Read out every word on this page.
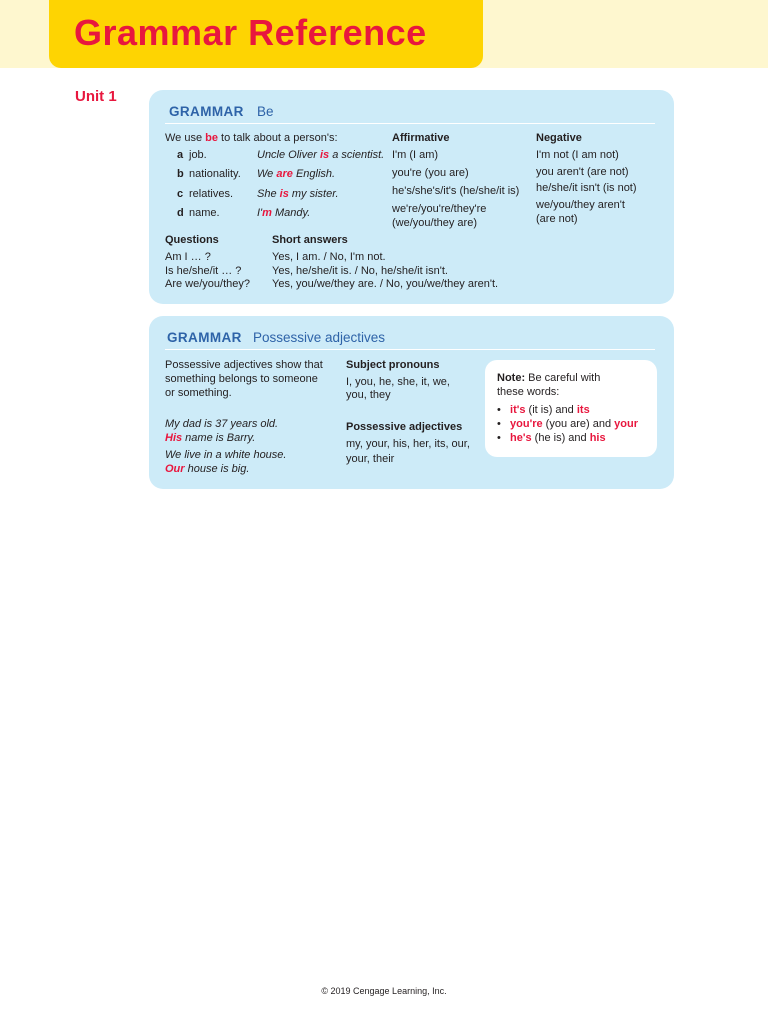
Grammar Reference
Unit 1
GRAMMAR Be
We use be to talk about a person's:
a job.	Uncle Oliver is a scientist.
b nationality. We are English.
c relatives. She is my sister.
d name.	I'm Mandy.
Affirmative
I'm (I am)
you're (you are)
he's/she's/it's (he/she/it is)
we're/you're/they're
(we/you/they are)
Negative
I'm not (I am not)
you aren't (are not)
he/she/it isn't (is not)
we/you/they aren't
(are not)
Questions
Am I … ?
Is he/she/it … ?
Are we/you/they?
Short answers
Yes, I am. / No, I'm not.
Yes, he/she/it is. / No, he/she/it isn't.
Yes, you/we/they are. / No, you/we/they aren't.
GRAMMAR Possessive adjectives
Possessive adjectives show that
something belongs to someone
or something.
My dad is 37 years old.
His name is Barry.
We live in a white house.
Our house is big.
Subject pronouns
I, you, he, she, it, we,
you, they
Possessive adjectives
my, your, his, her, its, our,
your, their
Note: Be careful with
these words:
•   it's (it is) and its
•   you're (you are) and your
•   he's (he is) and his
© 2019 Cengage Learning, Inc.
